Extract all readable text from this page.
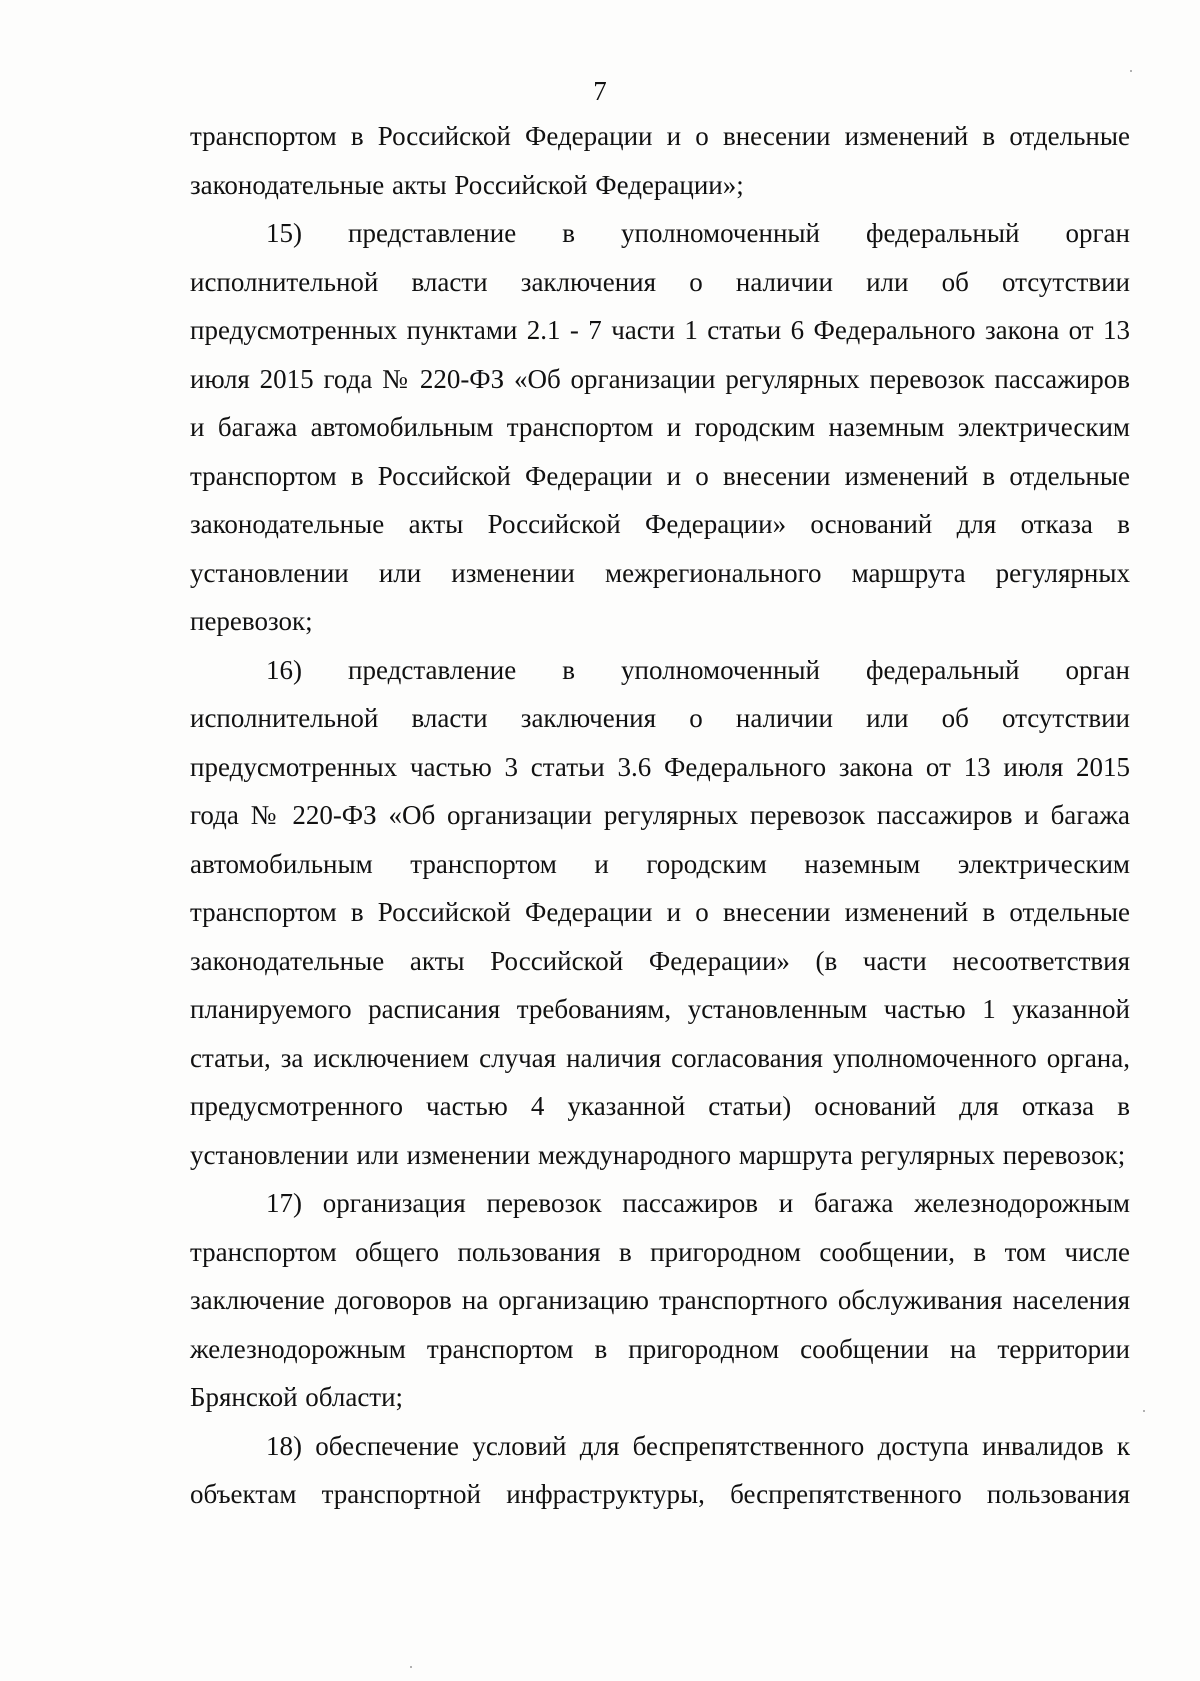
7

транспортом в Российской Федерации и о внесении изменений в отдельные законодательные акты Российской Федерации»;

15) представление в уполномоченный федеральный орган исполнительной власти заключения о наличии или об отсутствии предусмотренных пунктами 2.1 - 7 части 1 статьи 6 Федерального закона от 13 июля 2015 года № 220-ФЗ «Об организации регулярных перевозок пассажиров и багажа автомобильным транспортом и городским наземным электрическим транспортом в Российской Федерации и о внесении изменений в отдельные законодательные акты Российской Федерации» оснований для отказа в установлении или изменении межрегионального маршрута регулярных перевозок;

16) представление в уполномоченный федеральный орган исполнительной власти заключения о наличии или об отсутствии предусмотренных частью 3 статьи 3.6 Федерального закона от 13 июля 2015 года № 220-ФЗ «Об организации регулярных перевозок пассажиров и багажа автомобильным транспортом и городским наземным электрическим транспортом в Российской Федерации и о внесении изменений в отдельные законодательные акты Российской Федерации» (в части несоответствия планируемого расписания требованиям, установленным частью 1 указанной статьи, за исключением случая наличия согласования уполномоченного органа, предусмотренного частью 4 указанной статьи) оснований для отказа в установлении или изменении международного маршрута регулярных перевозок;

17) организация перевозок пассажиров и багажа железнодорожным транспортом общего пользования в пригородном сообщении, в том числе заключение договоров на организацию транспортного обслуживания населения железнодорожным транспортом в пригородном сообщении на территории Брянской области;

18) обеспечение условий для беспрепятственного доступа инвалидов к объектам транспортной инфраструктуры, беспрепятственного пользования
